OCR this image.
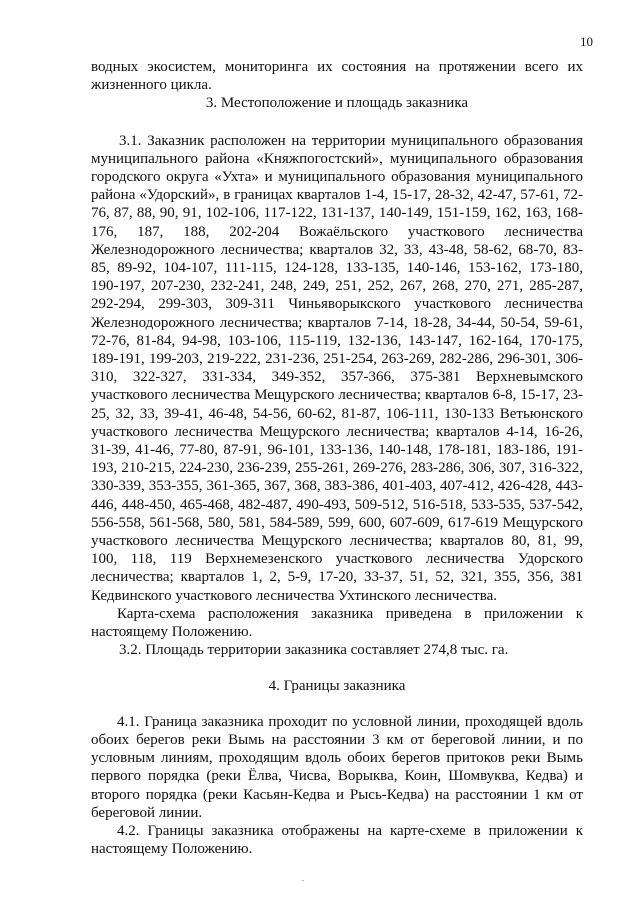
10

водных экосистем, мониторинга их состояния на протяжении всего их жизненного цикла.

3. Местоположение и площадь заказника

3.1. Заказник расположен на территории муниципального образования муниципального района «Княжпогостский», муниципального образования городского округа «Ухта» и муниципального образования муниципального района «Удорский», в границах кварталов 1-4, 15-17, 28-32, 42-47, 57-61, 72-76, 87, 88, 90, 91, 102-106, 117-122, 131-137, 140-149, 151-159, 162, 163, 168-176, 187, 188, 202-204 Вожаёльского участкового лесничества Железнодорожного лесничества; кварталов 32, 33, 43-48, 58-62, 68-70, 83-85, 89-92, 104-107, 111-115, 124-128, 133-135, 140-146, 153-162, 173-180, 190-197, 207-230, 232-241, 248, 249, 251, 252, 267, 268, 270, 271, 285-287, 292-294, 299-303, 309-311 Чиньяворыкского участкового лесничества Железнодорожного лесничества; кварталов 7-14, 18-28, 34-44, 50-54, 59-61, 72-76, 81-84, 94-98, 103-106, 115-119, 132-136, 143-147, 162-164, 170-175, 189-191, 199-203, 219-222, 231-236, 251-254, 263-269, 282-286, 296-301, 306-310, 322-327, 331-334, 349-352, 357-366, 375-381 Верхневымского участкового лесничества Мещурского лесничества; кварталов 6-8, 15-17, 23-25, 32, 33, 39-41, 46-48, 54-56, 60-62, 81-87, 106-111, 130-133 Ветьюнского участкового лесничества Мещурского лесничества; кварталов 4-14, 16-26, 31-39, 41-46, 77-80, 87-91, 96-101, 133-136, 140-148, 178-181, 183-186, 191-193, 210-215, 224-230, 236-239, 255-261, 269-276, 283-286, 306, 307, 316-322, 330-339, 353-355, 361-365, 367, 368, 383-386, 401-403, 407-412, 426-428, 443-446, 448-450, 465-468, 482-487, 490-493, 509-512, 516-518, 533-535, 537-542, 556-558, 561-568, 580, 581, 584-589, 599, 600, 607-609, 617-619 Мещурского участкового лесничества Мещурского лесничества; кварталов 80, 81, 99, 100, 118, 119 Верхнемезенского участкового лесничества Удорского лесничества; кварталов 1, 2, 5-9, 17-20, 33-37, 51, 52, 321, 355, 356, 381 Кедвинского участкового лесничества Ухтинского лесничества.

Карта-схема расположения заказника приведена в приложении к настоящему Положению.

3.2. Площадь территории заказника составляет 274,8 тыс. га.

4. Границы заказника

4.1. Граница заказника проходит по условной линии, проходящей вдоль обоих берегов реки Вымь на расстоянии 3 км от береговой линии, и по условным линиям, проходящим вдоль обоих берегов притоков реки Вымь первого порядка (реки Ёлва, Чисва, Ворыква, Коин, Шомвуква, Кедва) и второго порядка (реки Касьян-Кедва и Рысь-Кедва) на расстоянии 1 км от береговой линии.

4.2. Границы заказника отображены на карте-схеме в приложении к настоящему Положению.
